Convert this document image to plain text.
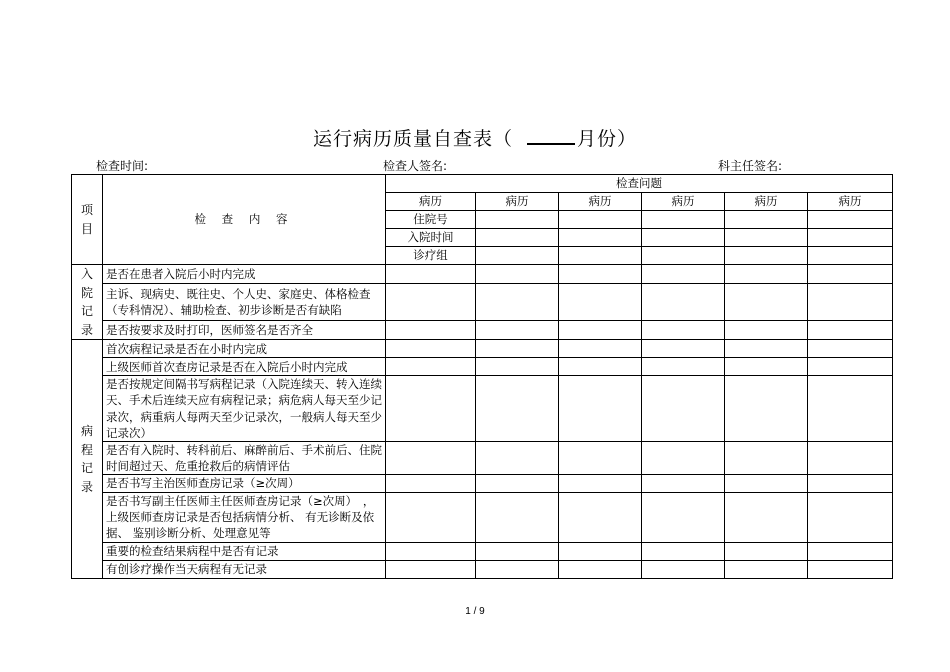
运行病历质量自查表（	月份）
检查时间:	检查人签名:	科主任签名:
项目	检 查 内 容	检查问题					
		病历	病历	病历	病历	病历	病历
		住院号					
		入院时间					
		诊疗组					
入院记录	是否在患者入院后小时内完成						
	主诉、现病史、既往史、个人史、家庭史、体格检查（专科情况）、辅助检查、初步诊断是否有缺陷						
	是否按要求及时打印，医师签名是否齐全						
病程记录	首次病程记录是否在小时内完成						
	上级医师首次查房记录是否在入院后小时内完成						
	是否按规定间隔书写病程记录（入院连续天、转入连续天、手术后连续天应有病程记录；病危病人每天至少记录次，病重病人每两天至少记录次，一般病人每天至少记录次）						
	是否有入院时、转科前后、麻醉前后、手术前后、住院时间超过天、危重抢救后的病情评估						
	是否书写主治医师查房记录（≥次周）						
	是否书写副主任医师主任医师查房记录（≥次周）　，上级医师查房记录是否包括病情分析、 有无诊断及依据、 鉴别诊断分析、处理意见等						
	重要的检查结果病程中是否有记录						
	有创诊疗操作当天病程有无记录						
1 / 9
